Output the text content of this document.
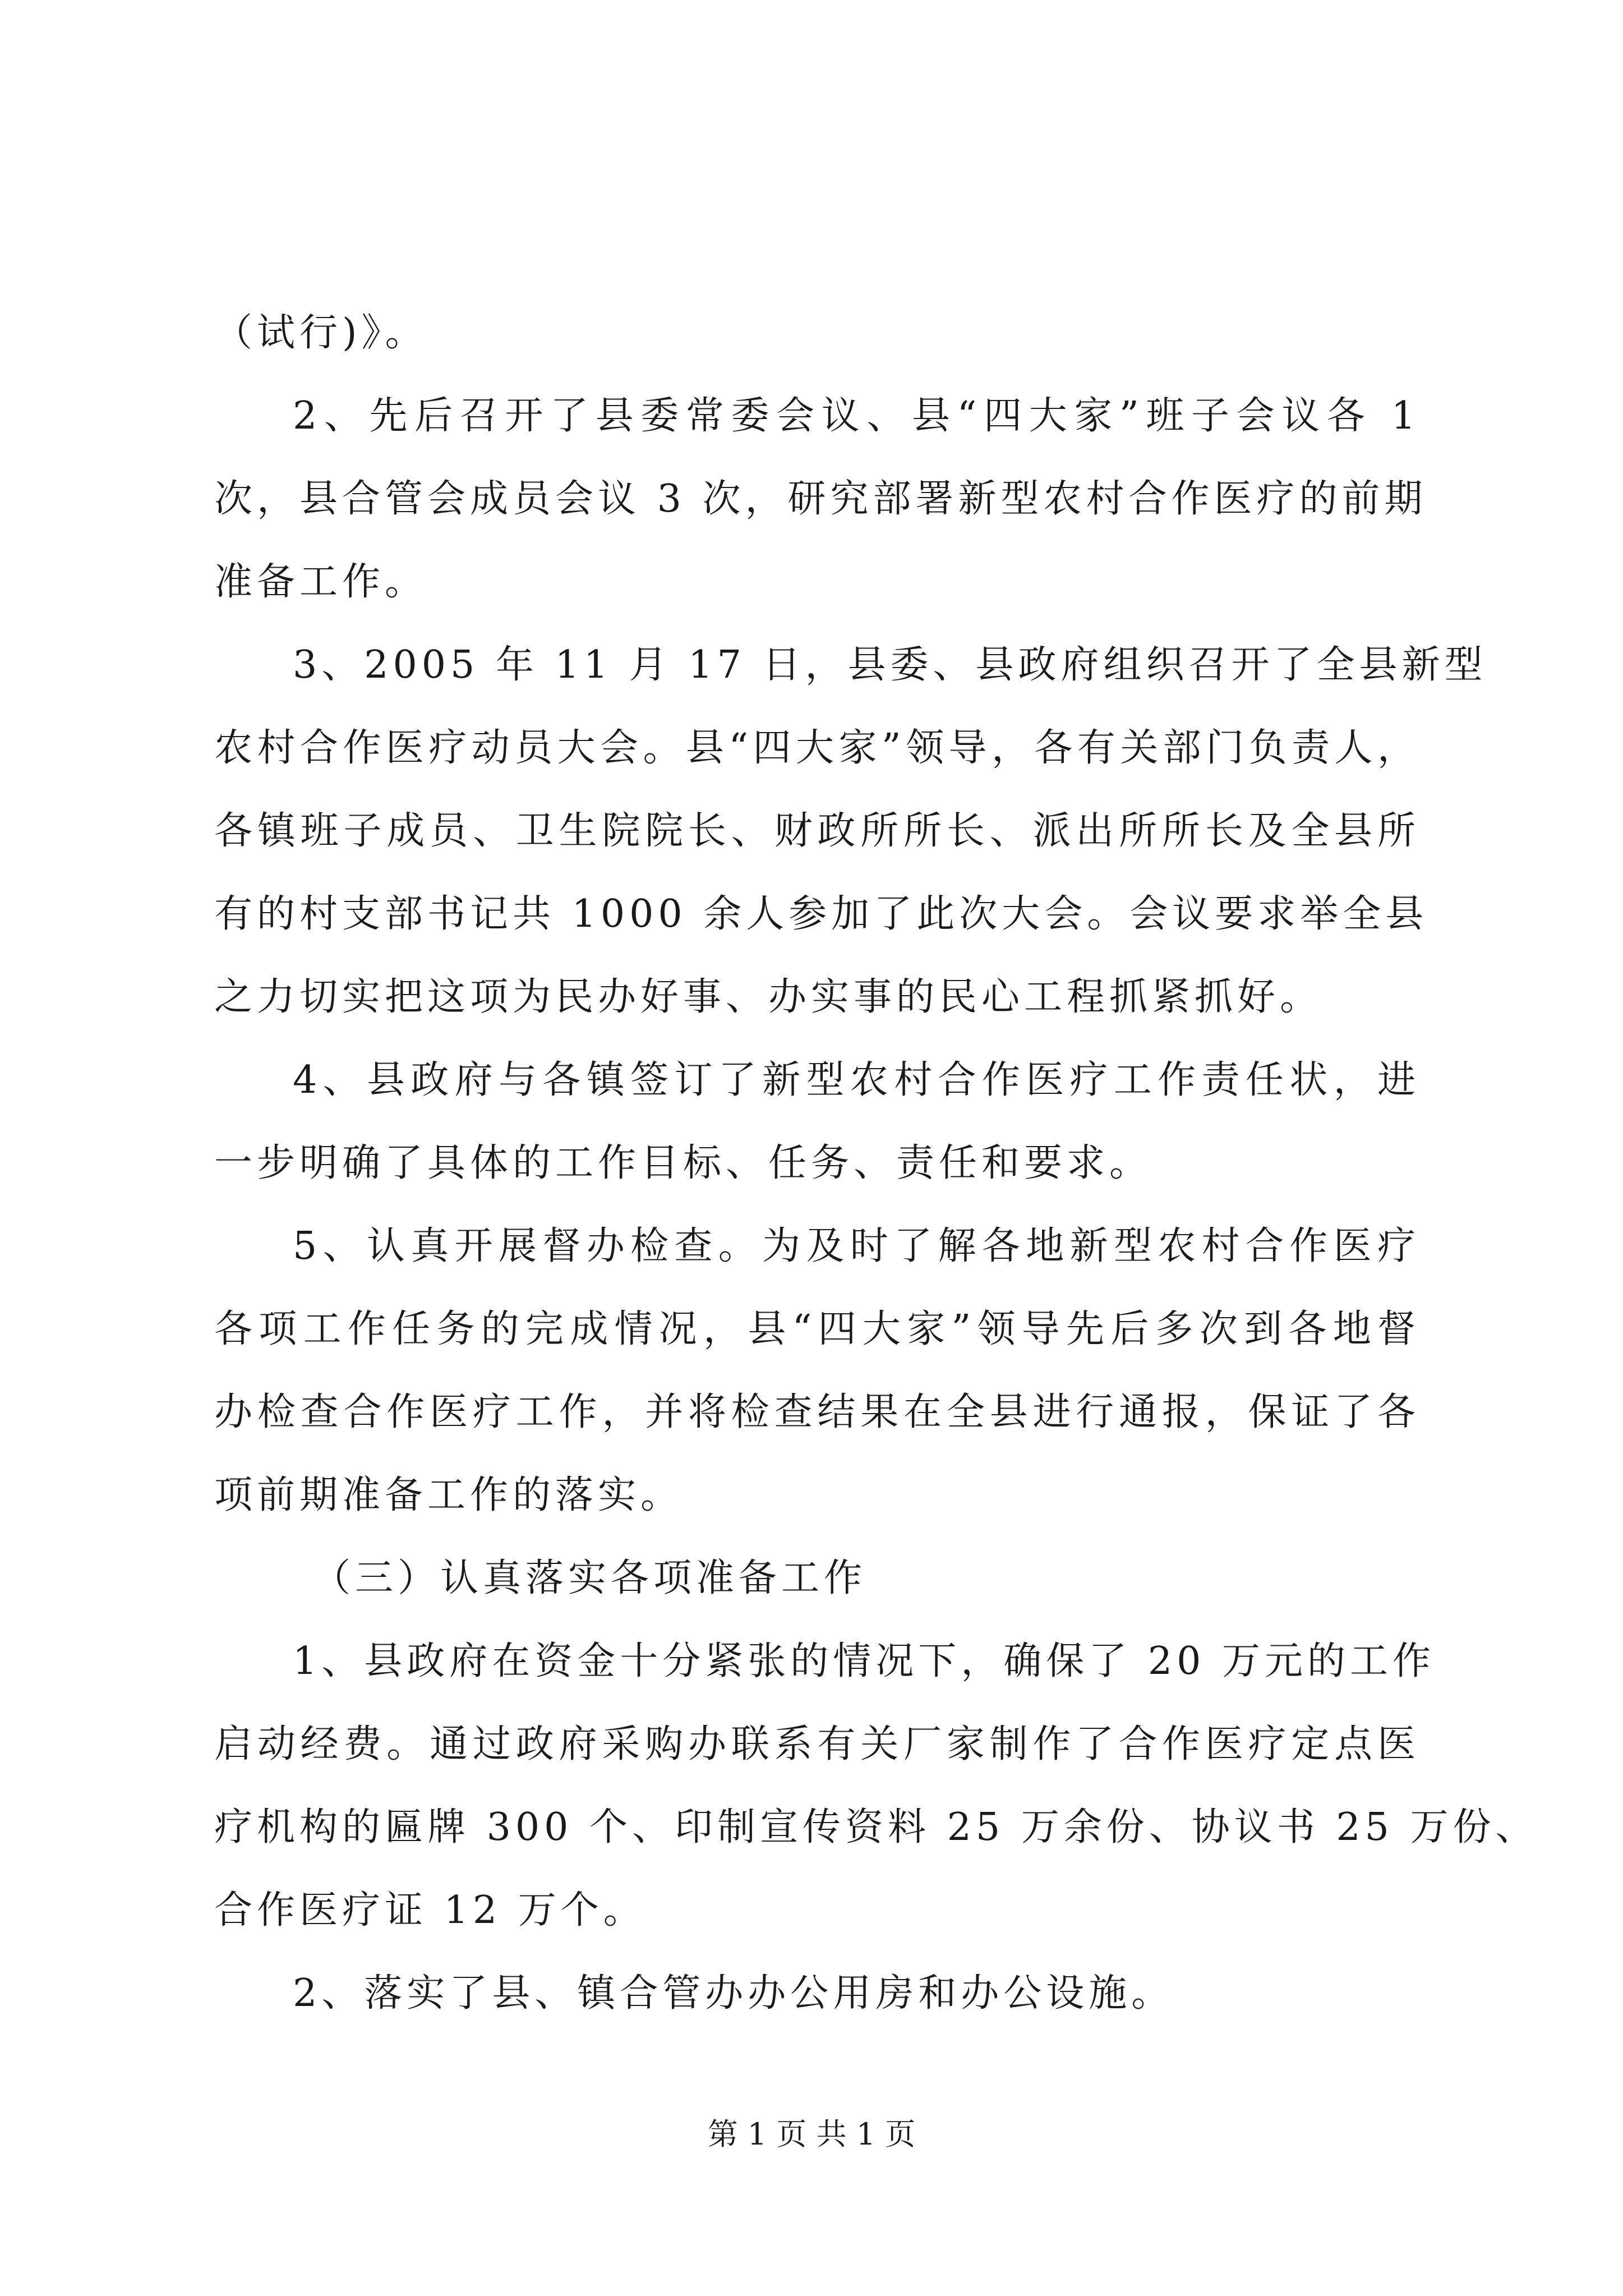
（试行)》。
2、先后召开了县委常委会议、县“四大家”班子会议各 1
次，县合管会成员会议 3 次，研究部署新型农村合作医疗的前期
准备工作。
3、2005 年 11 月 17 日，县委、县政府组织召开了全县新型
农村合作医疗动员大会。县“四大家”领导，各有关部门负责人，
各镇班子成员、卫生院院长、财政所所长、派出所所长及全县所
有的村支部书记共 1000 余人参加了此次大会。会议要求举全县
之力切实把这项为民办好事、办实事的民心工程抓紧抓好。
4、县政府与各镇签订了新型农村合作医疗工作责任状，进
一步明确了具体的工作目标、任务、责任和要求。
5、认真开展督办检查。为及时了解各地新型农村合作医疗
各项工作任务的完成情况，县“四大家”领导先后多次到各地督
办检查合作医疗工作，并将检查结果在全县进行通报，保证了各
项前期准备工作的落实。
（三）认真落实各项准备工作
1、县政府在资金十分紧张的情况下，确保了 20 万元的工作
启动经费。通过政府采购办联系有关厂家制作了合作医疗定点医
疗机构的匾牌 300 个、印制宣传资料 25 万余份、协议书 25 万份、
合作医疗证 12 万个。
2、落实了县、镇合管办办公用房和办公设施。
第 1 页 共 1 页
